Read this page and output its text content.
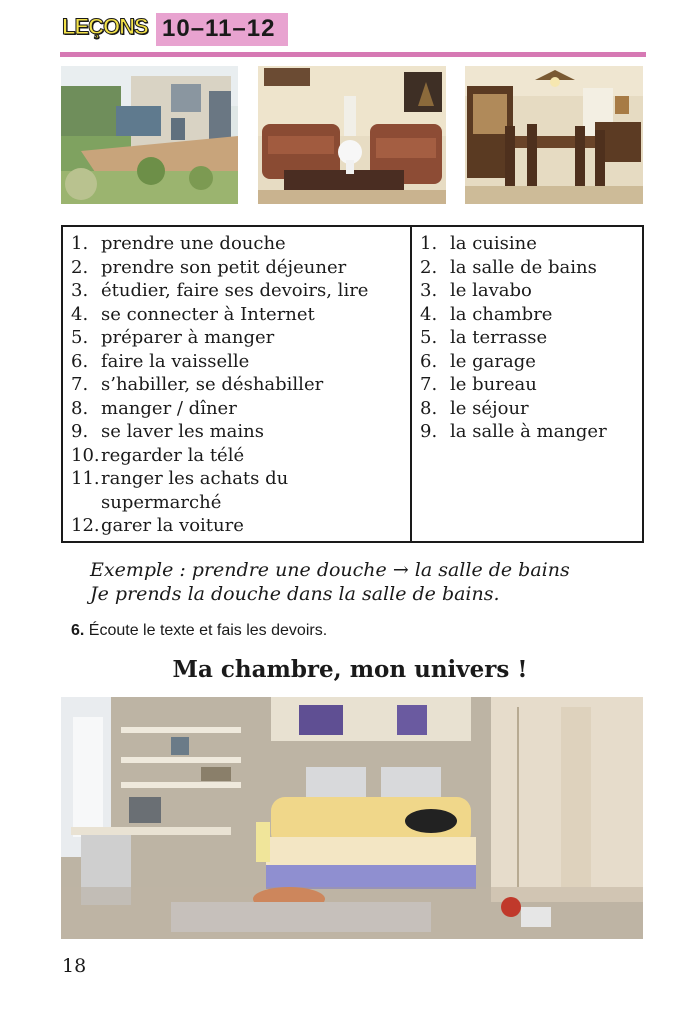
LEÇONS 10–11–12
1. prendre une douche
2. prendre son petit déjeuner
3. étudier, faire ses devoirs, lire
4. se connecter à Internet
5. préparer à manger
6. faire la vaisselle
7. s’habiller, se déshabiller
8. manger / dîner
9. se laver les mains
10. regarder la télé
11. ranger les achats du supermarché
12. garer la voiture
1. la cuisine
2. la salle de bains
3. le lavabo
4. la chambre
5. la terrasse
6. le garage
7. le bureau
8. le séjour
9. la salle à manger
Exemple : prendre une douche → la salle de bains
Je prends la douche dans la salle de bains.
6. Écoute le texte et fais les devoirs.
Ma chambre, mon univers !
18
